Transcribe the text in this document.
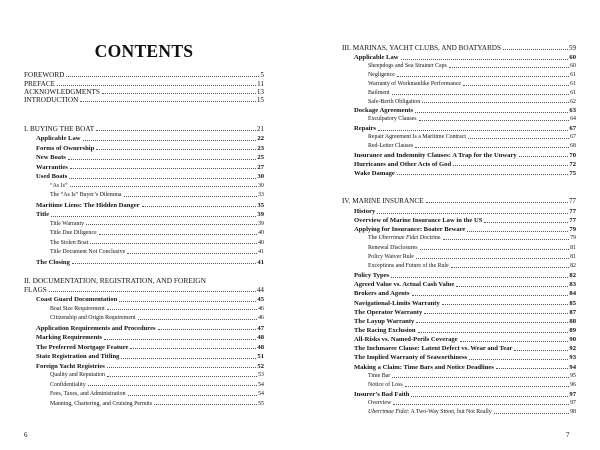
CONTENTS
FOREWORD	5
PREFACE	11
ACKNOWLEDGMENTS	13
INTRODUCTION	15
I. BUYING THE BOAT	21
Applicable Law	22
Forms of Ownership	23
New Boats	25
Warranties	27
Used Boats	30
“As Is”	30
The “As Is” Buyer’s Dilemma	33
Maritime Liens: The Hidden Danger	35
Title	39
Title Warranty	39
Title Due Diligence	40
The Stolen Boat	40
Title Document Not Conclusive	41
The Closing	41
II. DOCUMENTATION, REGISTRATION, AND FOREIGN
FLAGS	44
Coast Guard Documentation	45
Boat Size Requirement	46
Citizenship and Origin Requirement	46
Application Requirements and Procedures	47
Marking Requirements	48
The Preferred Mortgage Feature	48
State Registration and Titling	51
Foreign Yacht Registries	52
Quality and Reputation	53
Confidentiality	54
Fees, Taxes, and Administration	54
Manning, Chartering, and Cruising Permits	55
6
III. MARINAS, YACHT CLUBS, AND BOATYARDS	59
Applicable Law	60
Sheepdogs and Sea Strainer Caps	60
Negligence	61
Warranty of Workmanlike Performance	61
Bailment	61
Safe-Berth Obligation	62
Dockage Agreements	63
Exculpatory Clauses	64
Repairs	67
Repair Agreement Is a Maritime Contract	67
Red-Letter Clauses	68
Insurance and Indemnity Clauses: A Trap for the Unwary	70
Hurricanes and Other Acts of God	72
Wake Damage	75
IV. MARINE INSURANCE	77
History	77
Overview of Marine Insurance Law in the US	77
Applying for Insurance: Boater Beware	79
The Uberrimae Fidei Doctrine	79
Renewal Disclosures	81
Policy Waiver Rule	81
Exceptions and Future of the Rule	82
Policy Types	82
Agreed Value vs. Actual Cash Value	83
Brokers and Agents	84
Navigational-Limits Warranty	85
The Operator Warranty	87
The Layup Warranty	88
The Racing Exclusion	89
All-Risks vs. Named-Perils Coverage	90
The Inchmaree Clause: Latent Defect vs. Wear and Tear	92
The Implied Warranty of Seaworthiness	93
Making a Claim: Time Bars and Notice Deadlines	94
Time Bar	95
Notice of Loss	96
Insurer’s Bad Faith	97
Overview	97
Uberrimae Fidei: A Two-Way Street, but Not Really	98
7
